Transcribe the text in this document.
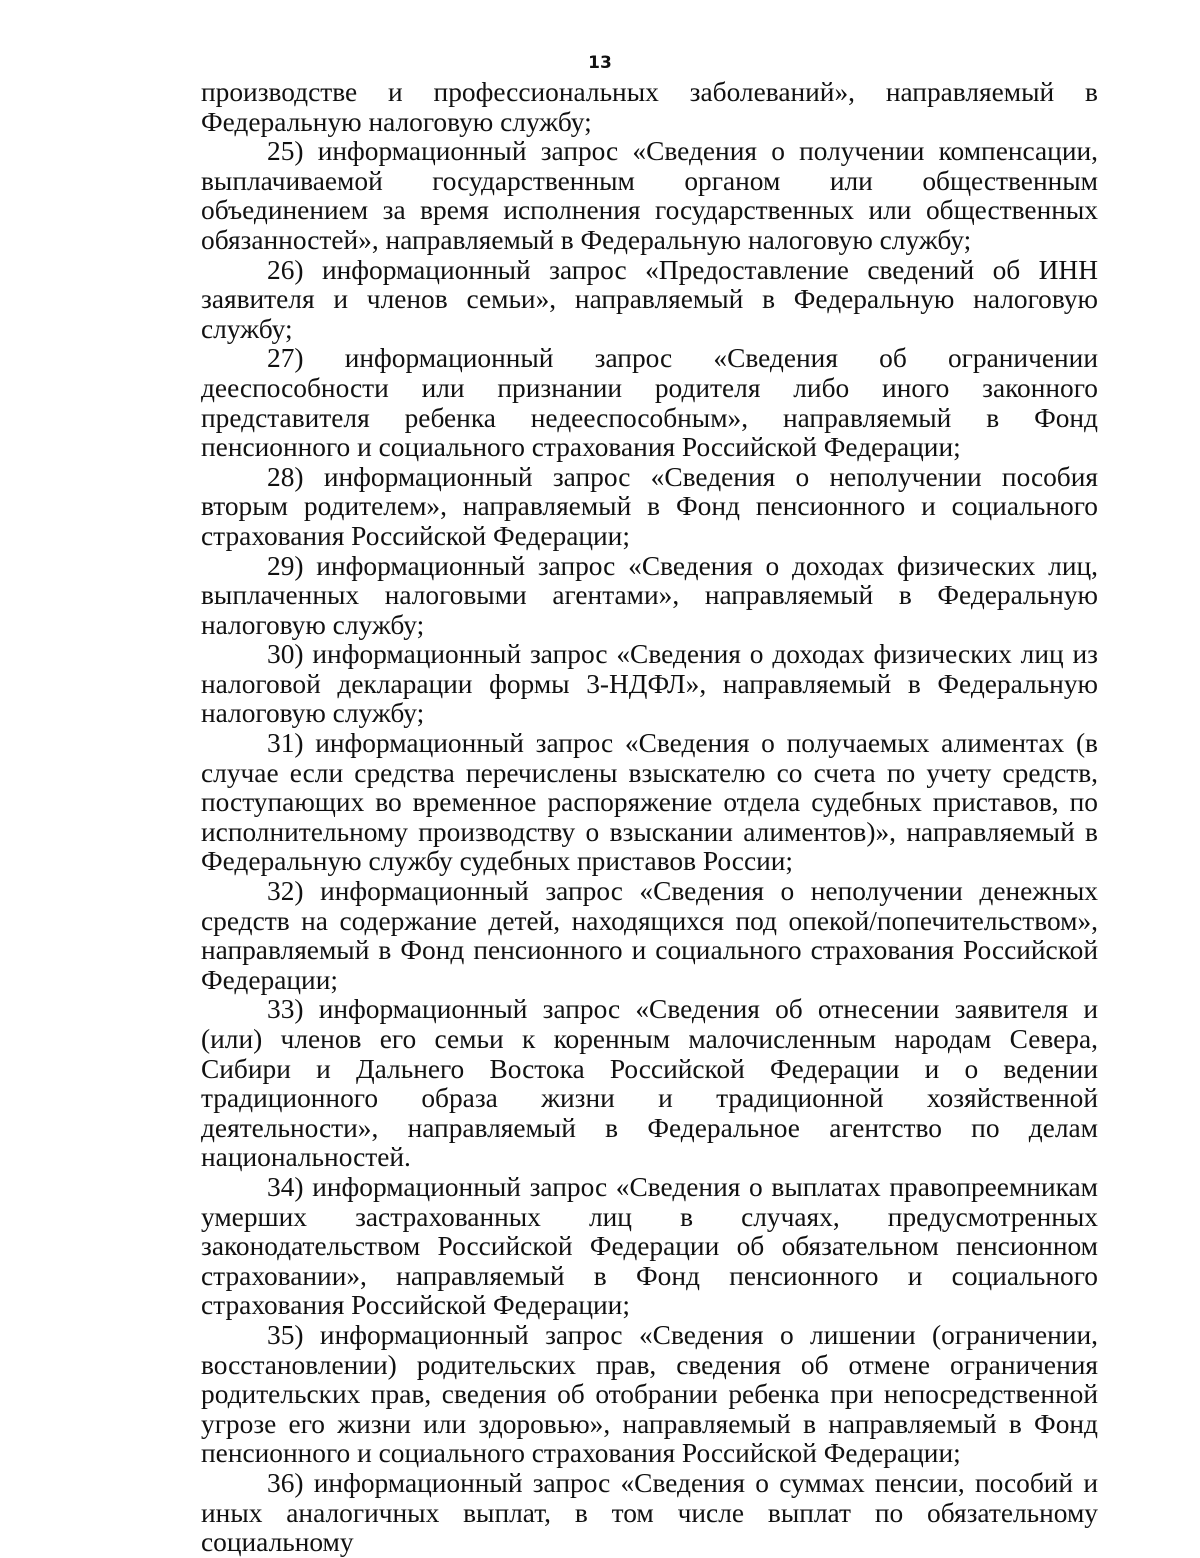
13

производстве и профессиональных заболеваний», направляемый в Федеральную налоговую службу;

25) информационный запрос «Сведения о получении компенсации, выплачиваемой государственным органом или общественным объединением за время исполнения государственных или общественных обязанностей», направляемый в Федеральную налоговую службу;

26) информационный запрос «Предоставление сведений об ИНН заявителя и членов семьи», направляемый в Федеральную налоговую службу;

27) информационный запрос «Сведения об ограничении дееспособности или признании родителя либо иного законного представителя ребенка недееспособным», направляемый в Фонд пенсионного и социального страхования Российской Федерации;

28) информационный запрос «Сведения о неполучении пособия вторым родителем», направляемый в Фонд пенсионного и социального страхования Российской Федерации;

29) информационный запрос «Сведения о доходах физических лиц, выплаченных налоговыми агентами», направляемый в Федеральную налоговую службу;

30) информационный запрос «Сведения о доходах физических лиц из налоговой декларации формы 3-НДФЛ», направляемый в Федеральную налоговую службу;

31) информационный запрос «Сведения о получаемых алиментах (в случае если средства перечислены взыскателю со счета по учету средств, поступающих во временное распоряжение отдела судебных приставов, по исполнительному производству о взыскании алиментов)», направляемый в Федеральную службу судебных приставов России;

32) информационный запрос «Сведения о неполучении денежных средств на содержание детей, находящихся под опекой/попечительством», направляемый в Фонд пенсионного и социального страхования Российской Федерации;

33) информационный запрос «Сведения об отнесении заявителя и (или) членов его семьи к коренным малочисленным народам Севера, Сибири и Дальнего Востока Российской Федерации и о ведении традиционного образа жизни и традиционной хозяйственной деятельности», направляемый в Федеральное агентство по делам национальностей.

34) информационный запрос «Сведения о выплатах правопреемникам умерших застрахованных лиц в случаях, предусмотренных законодательством Российской Федерации об обязательном пенсионном страховании», направляемый в Фонд пенсионного и социального страхования Российской Федерации;

35) информационный запрос «Сведения о лишении (ограничении, восстановлении) родительских прав, сведения об отмене ограничения родительских прав, сведения об отобрании ребенка при непосредственной угрозе его жизни или здоровью», направляемый в направляемый в Фонд пенсионного и социального страхования Российской Федерации;

36) информационный запрос «Сведения о суммах пенсии, пособий и иных аналогичных выплат, в том числе выплат по обязательному социальному
